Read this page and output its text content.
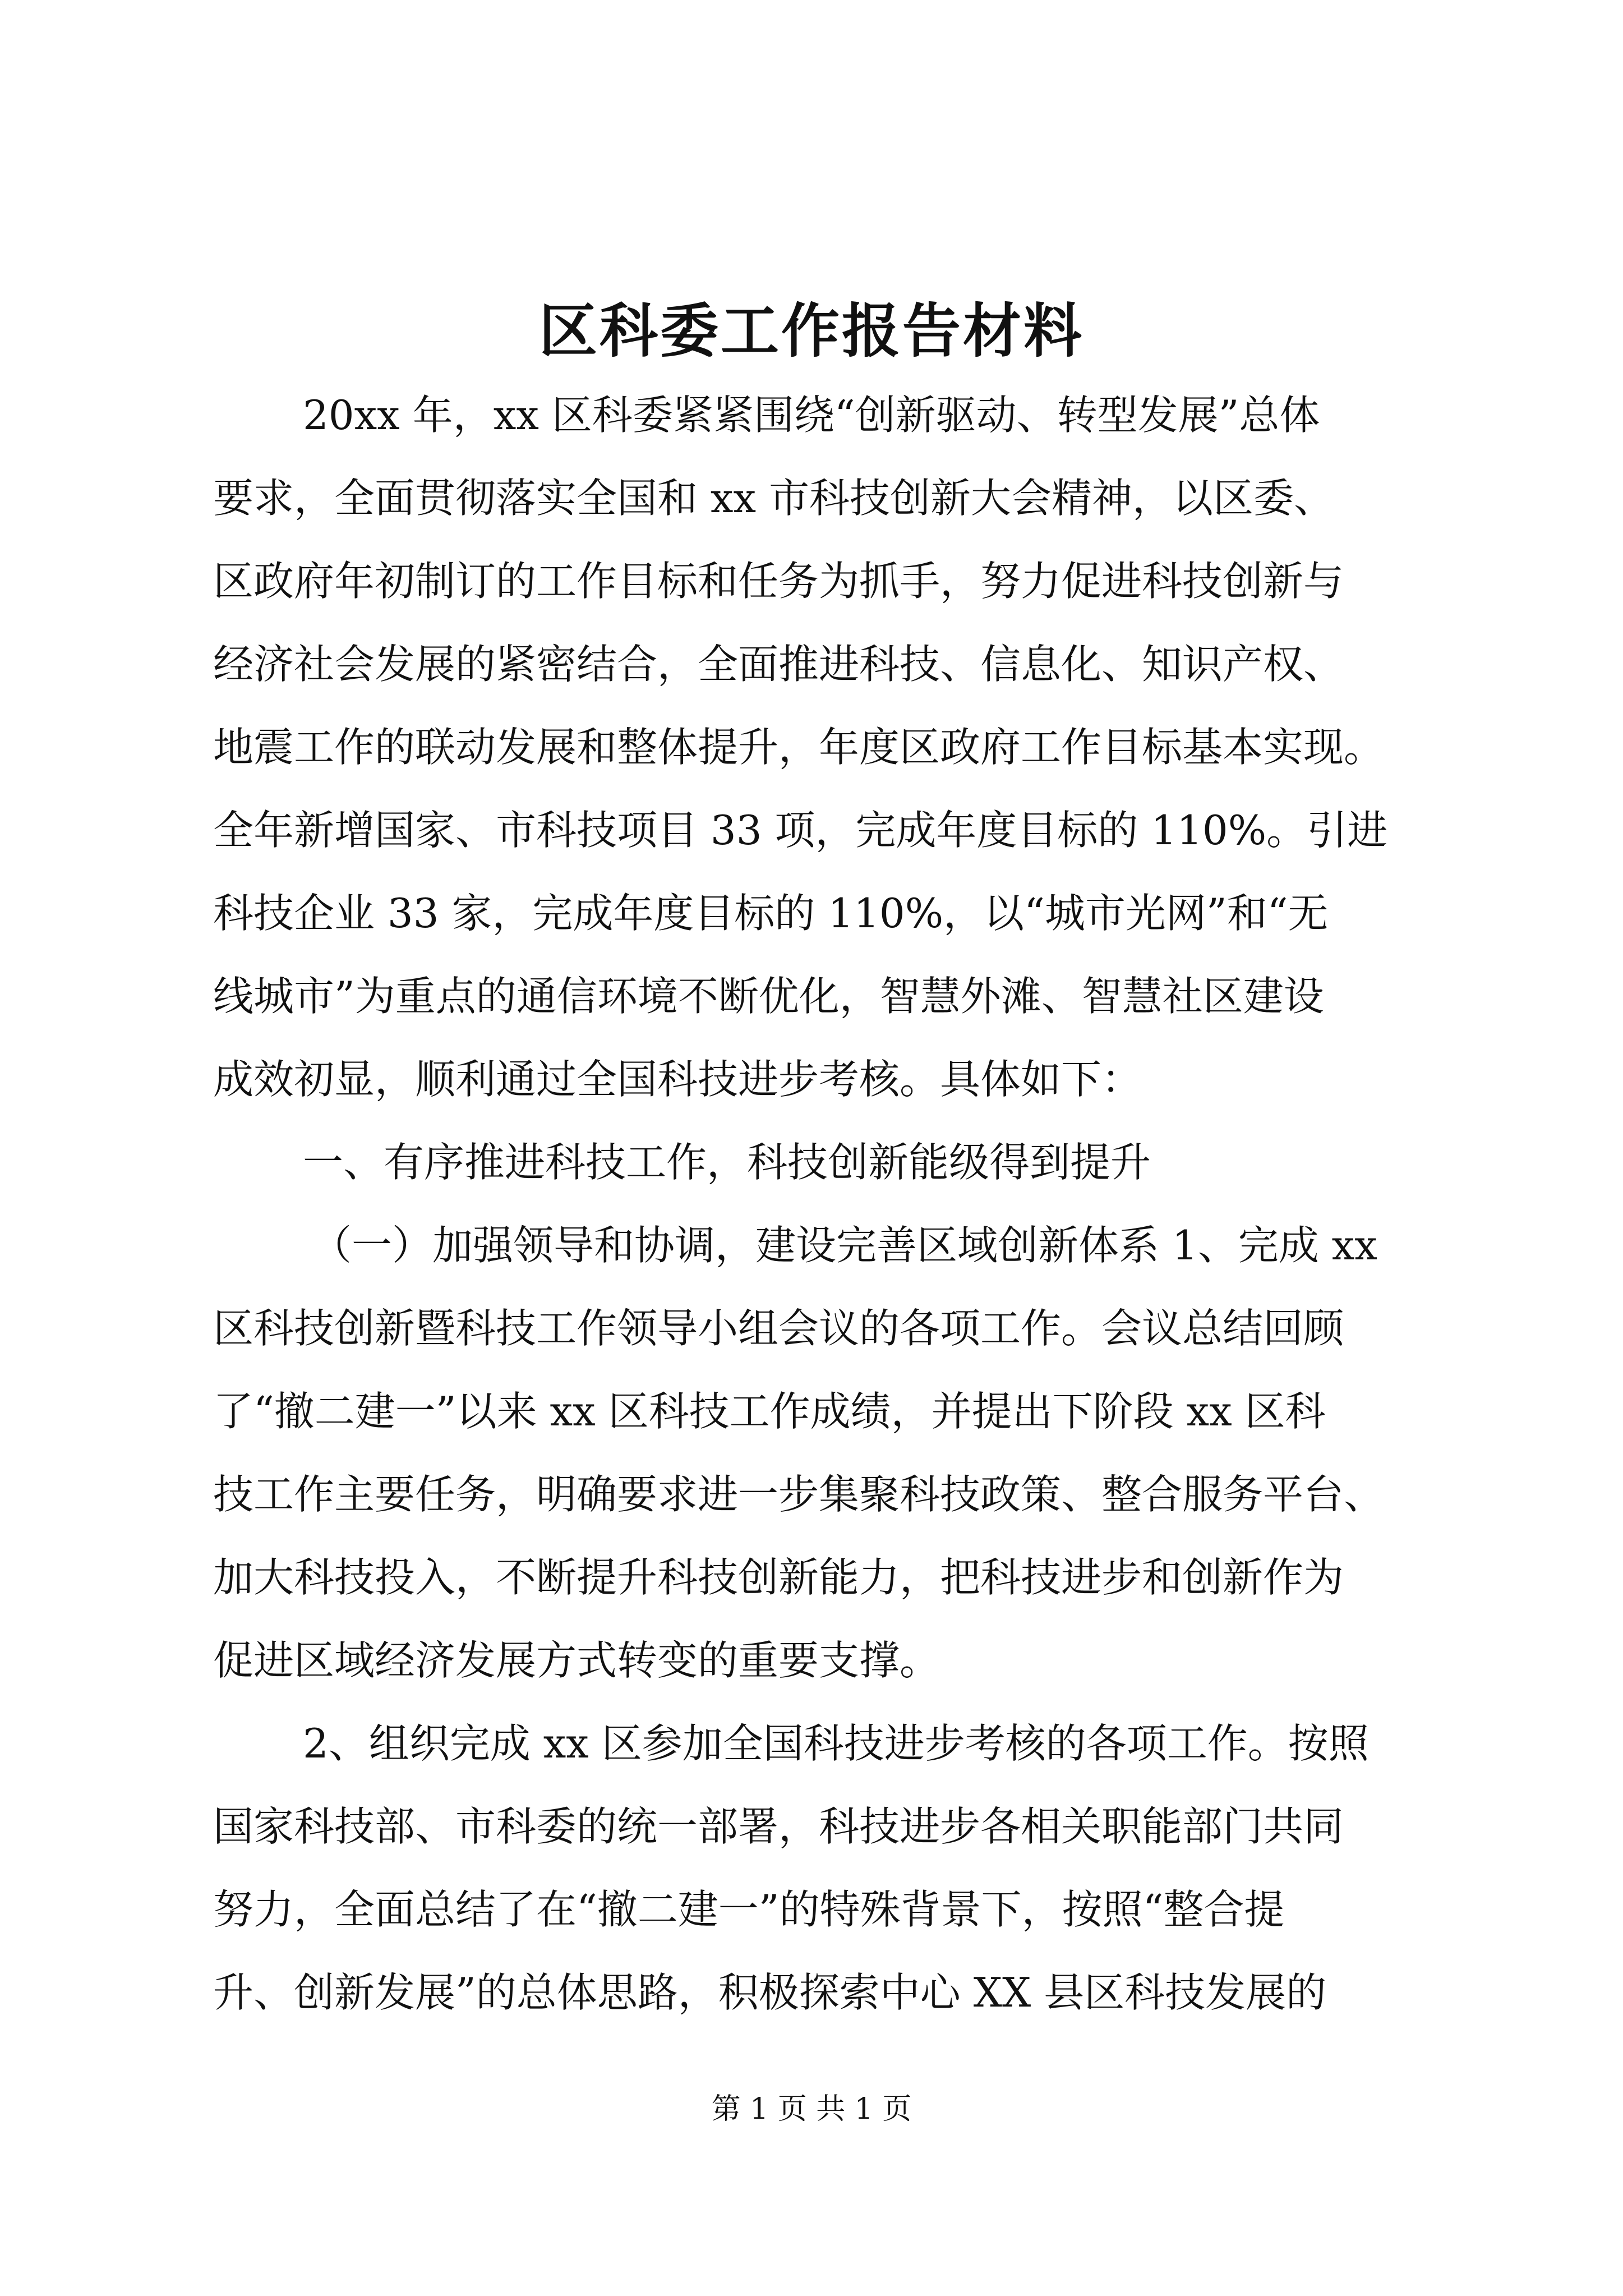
区科委工作报告材料
20xx 年，xx 区科委紧紧围绕“创新驱动、转型发展”总体
要求，全面贯彻落实全国和 xx 市科技创新大会精神，以区委、
区政府年初制订的工作目标和任务为抓手，努力促进科技创新与
经济社会发展的紧密结合，全面推进科技、信息化、知识产权、
地震工作的联动发展和整体提升，年度区政府工作目标基本实现。
全年新增国家、市科技项目 33 项，完成年度目标的 110%。引进
科技企业 33 家，完成年度目标的 110%，以“城市光网”和“无
线城市”为重点的通信环境不断优化，智慧外滩、智慧社区建设
成效初显，顺利通过全国科技进步考核。具体如下：
一、有序推进科技工作，科技创新能级得到提升
（一）加强领导和协调，建设完善区域创新体系 1、完成 xx
区科技创新暨科技工作领导小组会议的各项工作。会议总结回顾
了“撤二建一”以来 xx 区科技工作成绩，并提出下阶段 xx 区科
技工作主要任务，明确要求进一步集聚科技政策、整合服务平台、
加大科技投入，不断提升科技创新能力，把科技进步和创新作为
促进区域经济发展方式转变的重要支撑。
2、组织完成 xx 区参加全国科技进步考核的各项工作。按照
国家科技部、市科委的统一部署，科技进步各相关职能部门共同
努力，全面总结了在“撤二建一”的特殊背景下，按照“整合提
升、创新发展”的总体思路，积极探索中心 XX 县区科技发展的
第 1 页 共 1 页
